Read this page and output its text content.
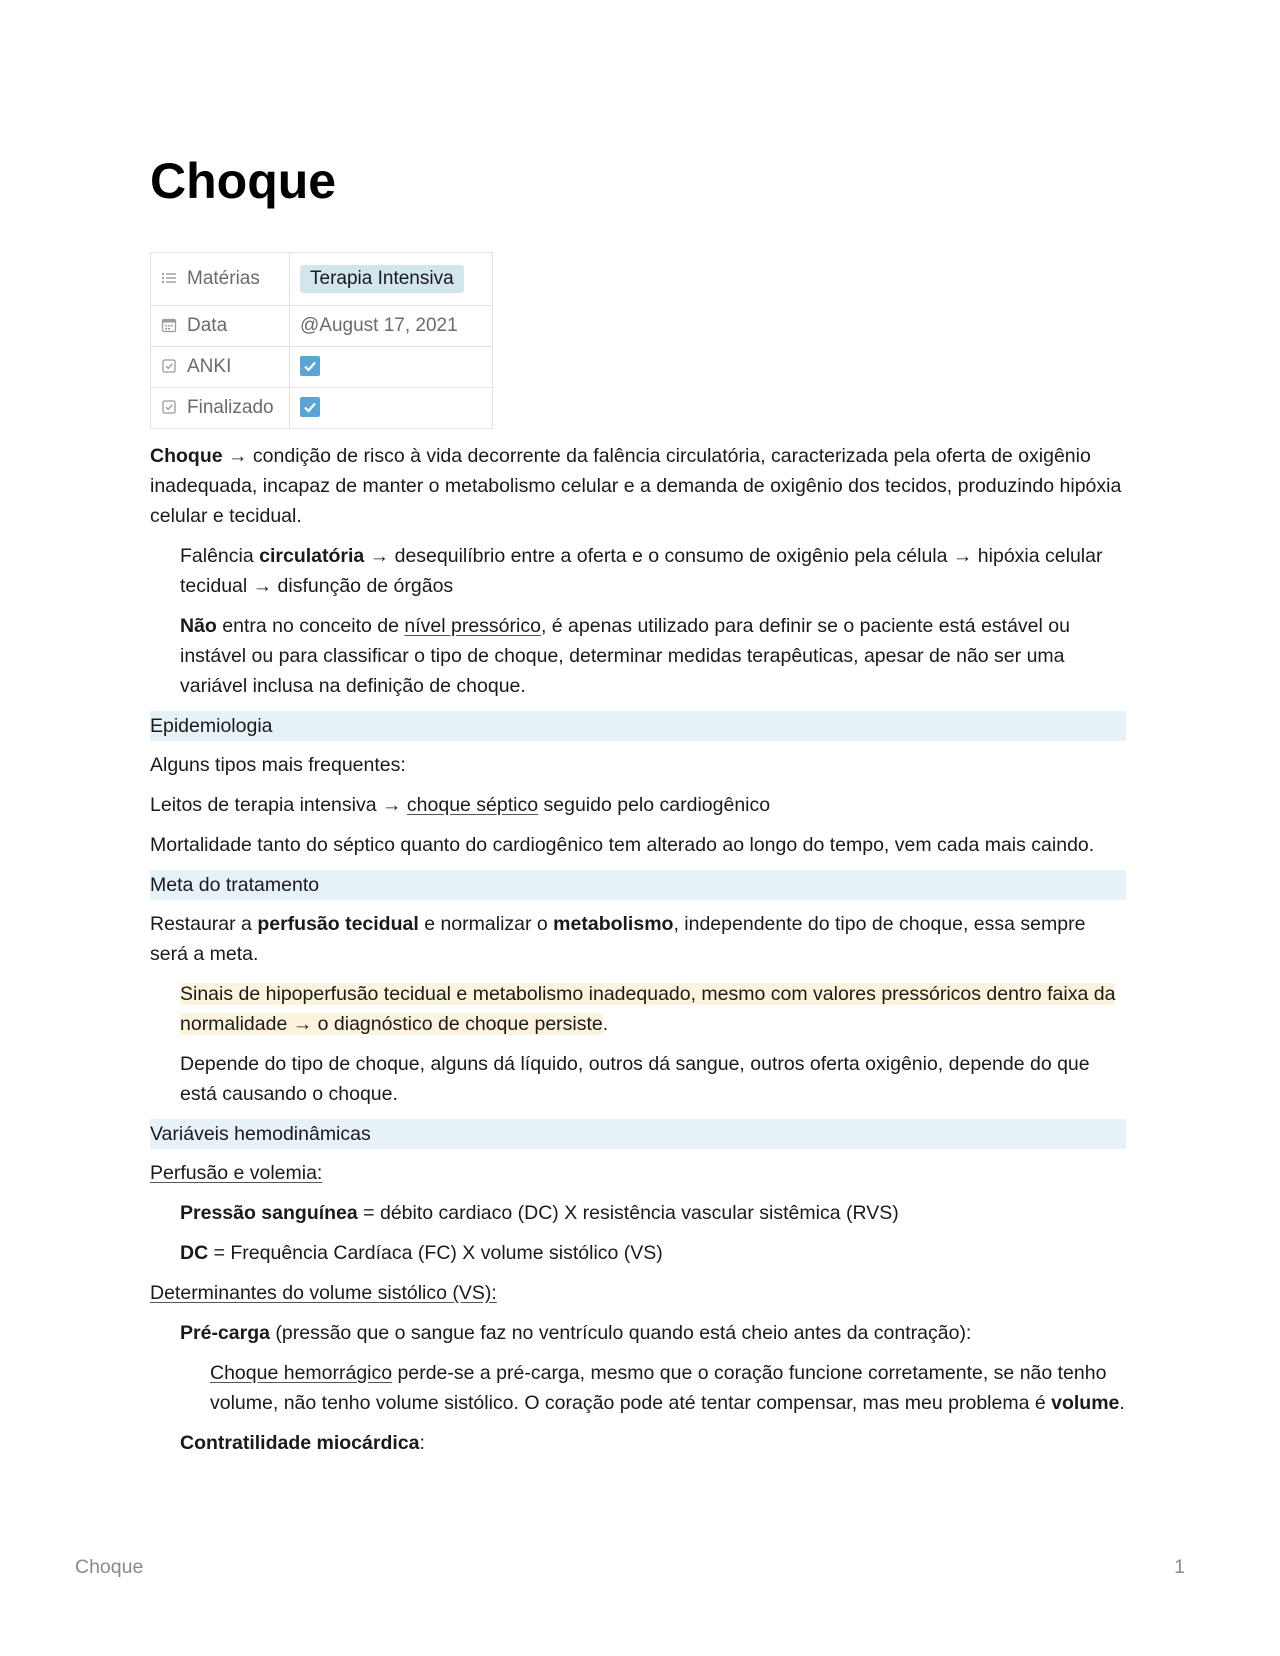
Choque
Matérias	Terapia Intensiva
Data	@August 17, 2021
ANKI	
Finalizado	

Choque → condição de risco à vida decorrente da falência circulatória, caracterizada pela oferta de oxigênio inadequada, incapaz de manter o metabolismo celular e a demanda de oxigênio dos tecidos, produzindo hipóxia celular e tecidual.

Falência circulatória → desequilíbrio entre a oferta e o consumo de oxigênio pela célula → hipóxia celular tecidual → disfunção de órgãos

Não entra no conceito de nível pressórico, é apenas utilizado para definir se o paciente está estável ou instável ou para classificar o tipo de choque, determinar medidas terapêuticas, apesar de não ser uma variável inclusa na definição de choque.

Epidemiologia

Alguns tipos mais frequentes:

Leitos de terapia intensiva → choque séptico seguido pelo cardiogênico

Mortalidade tanto do séptico quanto do cardiogênico tem alterado ao longo do tempo, vem cada mais caindo.

Meta do tratamento

Restaurar a perfusão tecidual e normalizar o metabolismo, independente do tipo de choque, essa sempre será a meta.

Sinais de hipoperfusão tecidual e metabolismo inadequado, mesmo com valores pressóricos dentro faixa da normalidade → o diagnóstico de choque persiste.

Depende do tipo de choque, alguns dá líquido, outros dá sangue, outros oferta oxigênio, depende do que está causando o choque.

Variáveis hemodinâmicas

Perfusão e volemia:

Pressão sanguínea = débito cardiaco (DC) X resistência vascular sistêmica (RVS)

DC = Frequência Cardíaca (FC) X volume sistólico (VS)

Determinantes do volume sistólico (VS):

Pré-carga (pressão que o sangue faz no ventrículo quando está cheio antes da contração):

Choque hemorrágico perde-se a pré-carga, mesmo que o coração funcione corretamente, se não tenho volume, não tenho volume sistólico. O coração pode até tentar compensar, mas meu problema é volume.

Contratilidade miocárdica:

Choque	1
